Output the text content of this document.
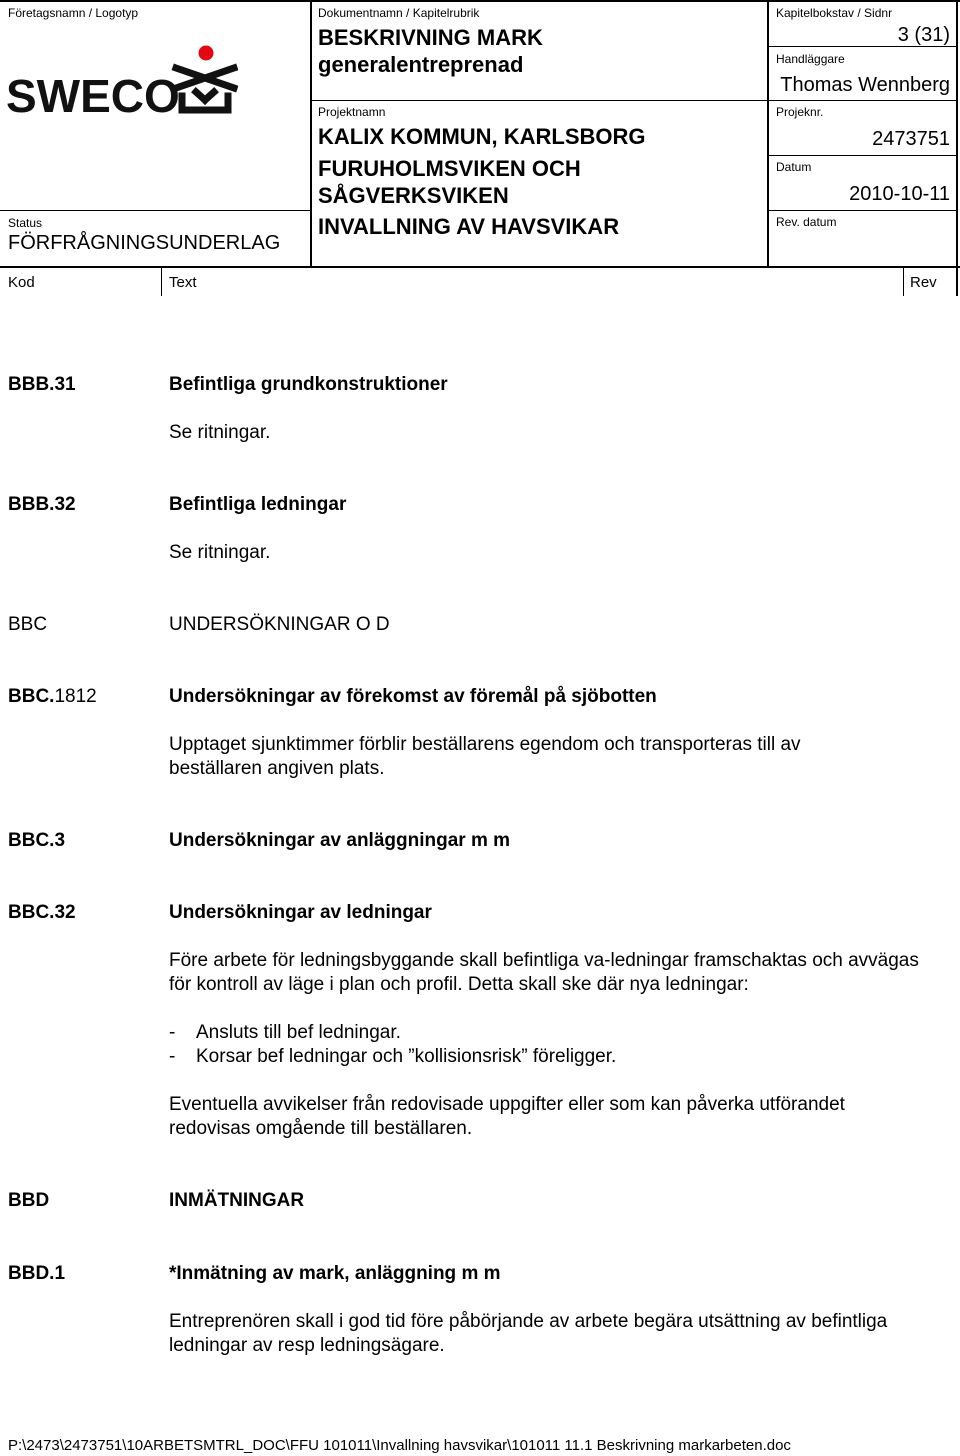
Företagsnamn / Logotyp
SWECO
Status
FÖRFRÅGNINGSUNDERLAG
Dokumentnamn / Kapitelrubrik
BESKRIVNING MARK
generalentreprenad
Projektnamn
KALIX KOMMUN, KARLSBORG
FURUHOLMSVIKEN OCH
SÅGVERKSVIKEN
INVALLNING AV HAVSVIKAR
Kapitelbokstav / Sidnr
3 (31)
Handläggare
Thomas Wennberg
Projeknr.
2473751
Datum
2010-10-11
Rev. datum
Kod	Text	Rev
BBB.31	Befintliga grundkonstruktioner
Se ritningar.
BBB.32	Befintliga ledningar
Se ritningar.
BBC	UNDERSÖKNINGAR O D
BBC.1812	Undersökningar av förekomst av föremål på sjöbotten
Upptaget sjunktimmer förblir beställarens egendom och transporteras till av beställaren angiven plats.
BBC.3	Undersökningar av anläggningar m m
BBC.32	Undersökningar av ledningar
Före arbete för ledningsbyggande skall befintliga va-ledningar framschaktas och avvägas för kontroll av läge i plan och profil. Detta skall ske där nya ledningar:
- Ansluts till bef ledningar.
- Korsar bef ledningar och ”kollisionsrisk” föreligger.
Eventuella avvikelser från redovisade uppgifter eller som kan påverka utförandet redovisas omgående till beställaren.
BBD	INMÄTNINGAR
BBD.1	*Inmätning av mark, anläggning m m
Entreprenören skall i god tid före påbörjande av arbete begära utsättning av befintliga ledningar av resp ledningsägare.
P:\2473\2473751\10ARBETSMTRL_DOC\FFU 101011\Invallning havsvikar\101011 11.1 Beskrivning markarbeten.doc
